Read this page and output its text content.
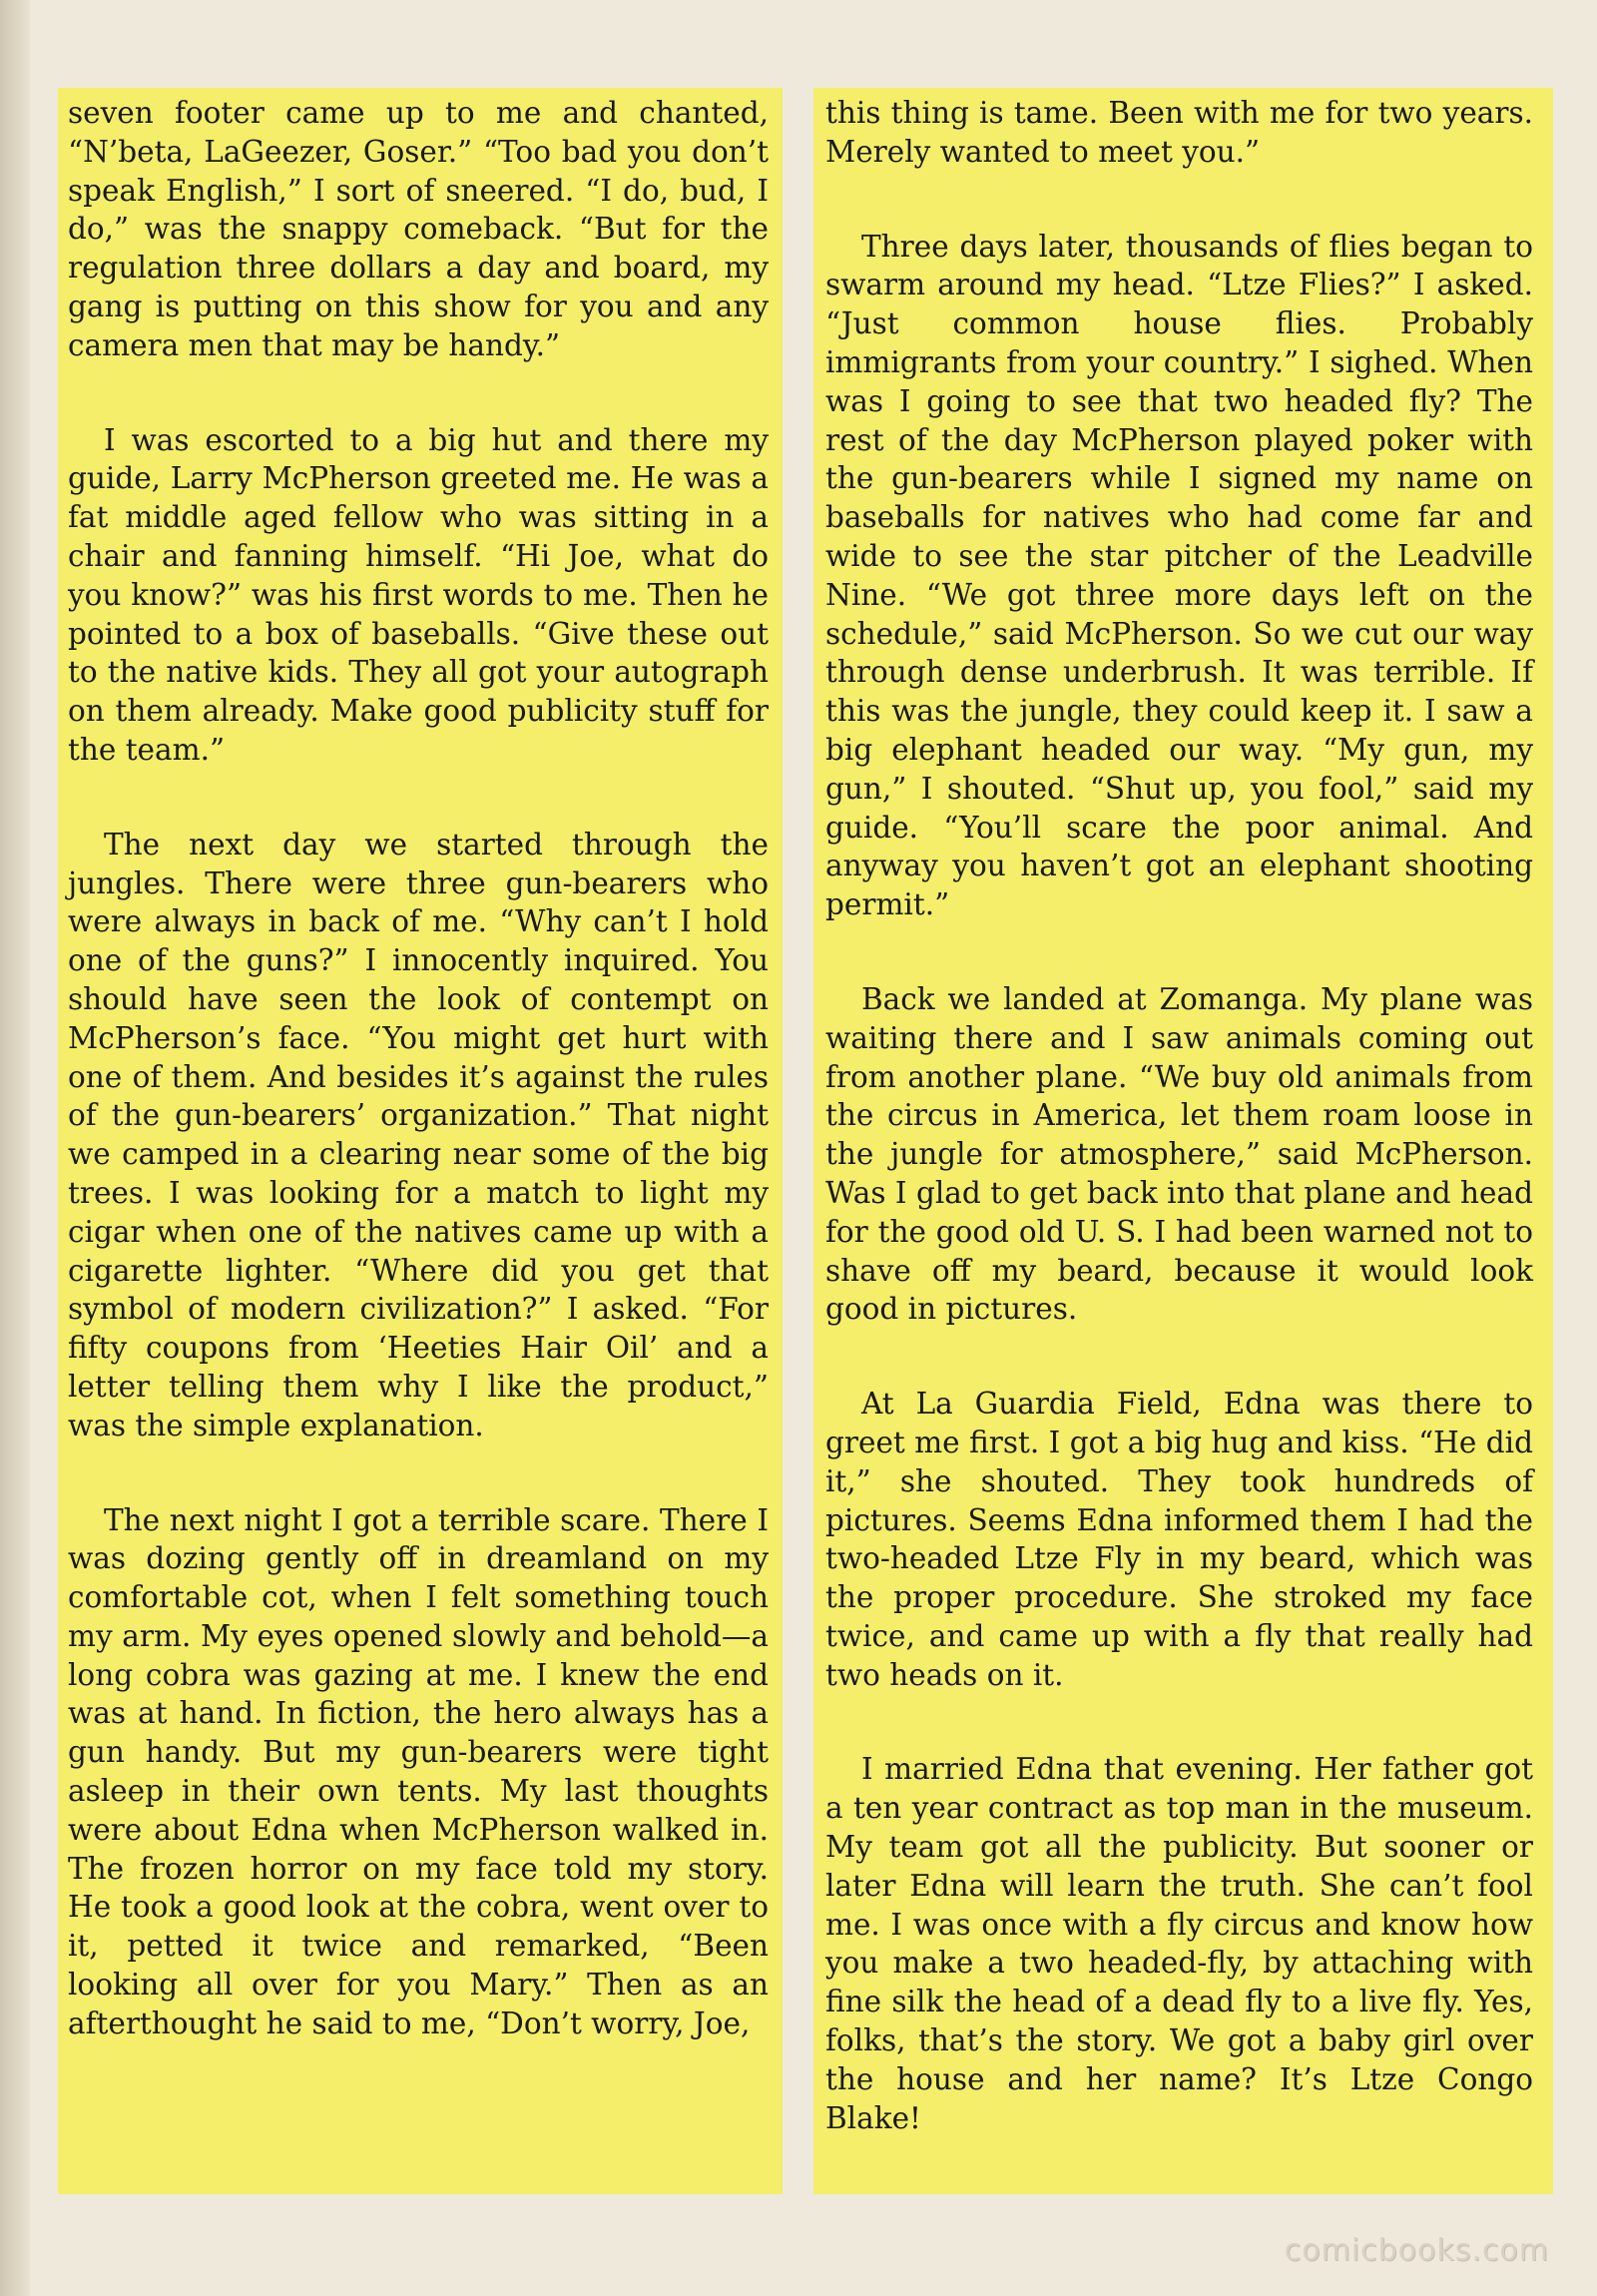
seven footer came up to me and chanted, “N’beta, LaGeezer, Goser.” “Too bad you don’t speak English,” I sort of sneered. “I do, bud, I do,” was the snappy comeback. “But for the regulation three dollars a day and board, my gang is putting on this show for you and any camera men that may be handy.”

I was escorted to a big hut and there my guide, Larry McPherson greeted me. He was a fat middle aged fellow who was sitting in a chair and fanning himself. “Hi Joe, what do you know?” was his first words to me. Then he pointed to a box of baseballs. “Give these out to the native kids. They all got your autograph on them already. Make good publicity stuff for the team.”

The next day we started through the jungles. There were three gun-bearers who were always in back of me. “Why can’t I hold one of the guns?” I innocently inquired. You should have seen the look of contempt on McPherson’s face. “You might get hurt with one of them. And besides it’s against the rules of the gun-bearers’ organization.” That night we camped in a clearing near some of the big trees. I was looking for a match to light my cigar when one of the natives came up with a cigarette lighter. “Where did you get that symbol of modern civilization?” I asked. “For fifty coupons from ‘Heeties Hair Oil’ and a letter telling them why I like the product,” was the simple explanation.

The next night I got a terrible scare. There I was dozing gently off in dreamland on my comfortable cot, when I felt something touch my arm. My eyes opened slowly and behold—a long cobra was gazing at me. I knew the end was at hand. In fiction, the hero always has a gun handy. But my gun-bearers were tight asleep in their own tents. My last thoughts were about Edna when McPherson walked in. The frozen horror on my face told my story. He took a good look at the cobra, went over to it, petted it twice and remarked, “Been looking all over for you Mary.” Then as an afterthought he said to me, “Don’t worry, Joe,

this thing is tame. Been with me for two years. Merely wanted to meet you.”

Three days later, thousands of flies began to swarm around my head. “Ltze Flies?” I asked. “Just common house flies. Probably immigrants from your country.” I sighed. When was I going to see that two headed fly? The rest of the day McPherson played poker with the gun-bearers while I signed my name on baseballs for natives who had come far and wide to see the star pitcher of the Leadville Nine. “We got three more days left on the schedule,” said McPherson. So we cut our way through dense underbrush. It was terrible. If this was the jungle, they could keep it. I saw a big elephant headed our way. “My gun, my gun,” I shouted. “Shut up, you fool,” said my guide. “You’ll scare the poor animal. And anyway you haven’t got an elephant shooting permit.”

Back we landed at Zomanga. My plane was waiting there and I saw animals coming out from another plane. “We buy old animals from the circus in America, let them roam loose in the jungle for atmosphere,” said McPherson. Was I glad to get back into that plane and head for the good old U. S. I had been warned not to shave off my beard, because it would look good in pictures.

At La Guardia Field, Edna was there to greet me first. I got a big hug and kiss. “He did it,” she shouted. They took hundreds of pictures. Seems Edna informed them I had the two-headed Ltze Fly in my beard, which was the proper procedure. She stroked my face twice, and came up with a fly that really had two heads on it.

I married Edna that evening. Her father got a ten year contract as top man in the museum. My team got all the publicity. But sooner or later Edna will learn the truth. She can’t fool me. I was once with a fly circus and know how you make a two headed-fly, by attaching with fine silk the head of a dead fly to a live fly. Yes, folks, that’s the story. We got a baby girl over the house and her name? It’s Ltze Congo Blake!

comicbooks.com
